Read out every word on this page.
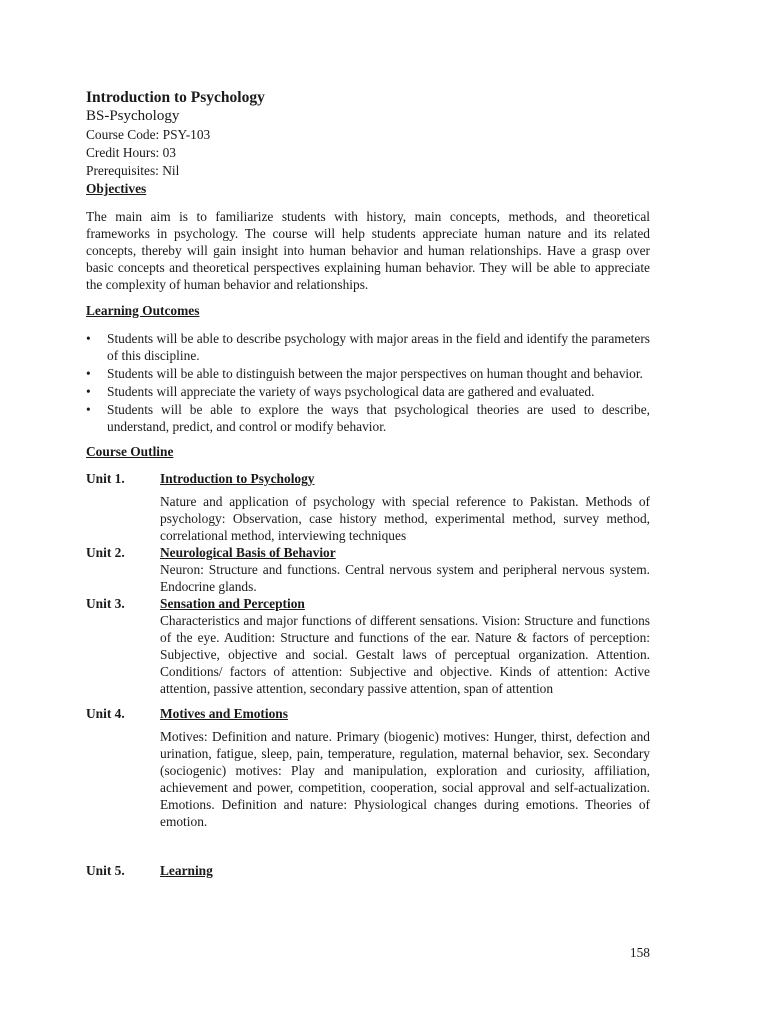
Introduction to Psychology
BS-Psychology
Course Code: PSY-103
Credit Hours: 03
Prerequisites: Nil
Objectives

The main aim is to familiarize students with history, main concepts, methods, and theoretical frameworks in psychology. The course will help students appreciate human nature and its related concepts, thereby will gain insight into human behavior and human relationships. Have a grasp over basic concepts and theoretical perspectives explaining human behavior. They will be able to appreciate the complexity of human behavior and relationships.

Learning Outcomes
• Students will be able to describe psychology with major areas in the field and identify the parameters of this discipline.
• Students will be able to distinguish between the major perspectives on human thought and behavior.
• Students will appreciate the variety of ways psychological data are gathered and evaluated.
• Students will be able to explore the ways that psychological theories are used to describe, understand, predict, and control or modify behavior.
Course Outline
Unit 1.	Introduction to Psychology
Nature and application of psychology with special reference to Pakistan. Methods of psychology: Observation, case history method, experimental method, survey method, correlational method, interviewing techniques
Unit 2.	Neurological Basis of Behavior
Neuron: Structure and functions. Central nervous system and peripheral nervous system. Endocrine glands.
Unit 3.	Sensation and Perception
Characteristics and major functions of different sensations. Vision: Structure and functions of the eye. Audition: Structure and functions of the ear. Nature & factors of perception: Subjective, objective and social. Gestalt laws of perceptual organization. Attention. Conditions/ factors of attention: Subjective and objective. Kinds of attention: Active attention, passive attention, secondary passive attention, span of attention
Unit 4.	Motives and Emotions
Motives: Definition and nature. Primary (biogenic) motives: Hunger, thirst, defection and urination, fatigue, sleep, pain, temperature, regulation, maternal behavior, sex. Secondary (sociogenic) motives: Play and manipulation, exploration and curiosity, affiliation, achievement and power, competition, cooperation, social approval and self-actualization. Emotions. Definition and nature: Physiological changes during emotions. Theories of emotion.
Unit 5.	Learning
158
